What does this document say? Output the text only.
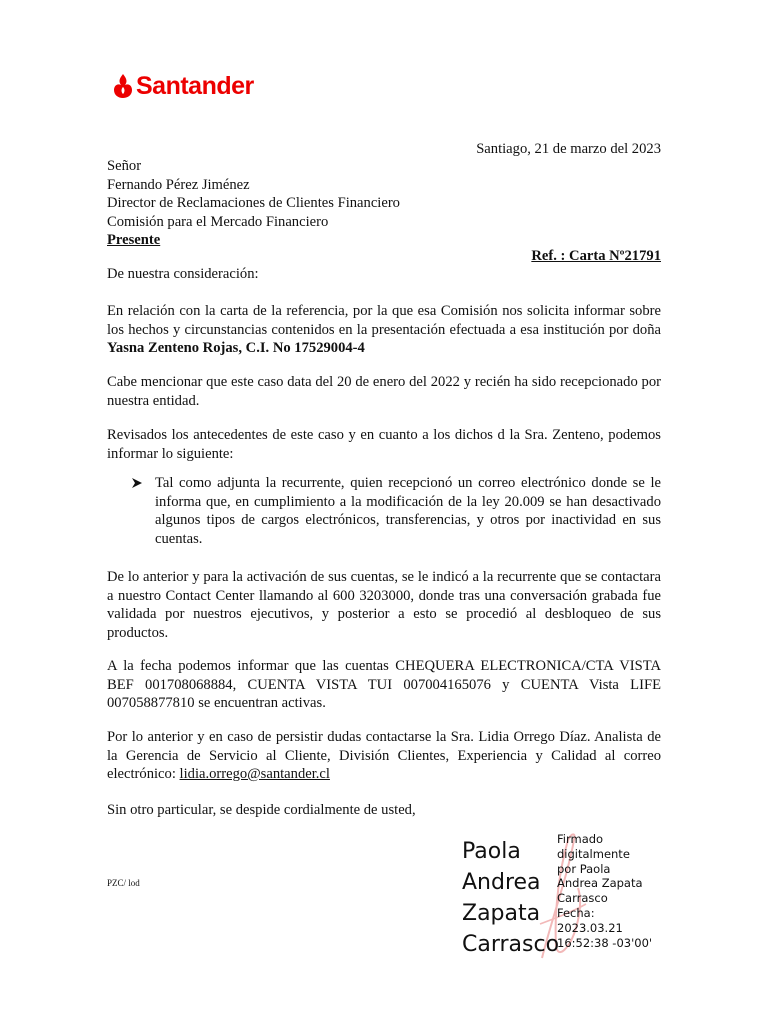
Santander
Santiago, 21 de marzo del 2023
Señor
Fernando Pérez Jiménez
Director de Reclamaciones de Clientes Financiero
Comisión para el Mercado Financiero
Presente
Ref. : Carta Nº21791
De nuestra consideración:
En relación con la carta de la referencia, por la que esa Comisión nos solicita informar sobre los hechos y circunstancias contenidos en la presentación efectuada a esa institución por doña Yasna Zenteno Rojas, C.I. No 17529004-4
Cabe mencionar que este caso data del 20 de enero del 2022 y recién ha sido recepcionado por nuestra entidad.
Revisados los antecedentes de este caso y en cuanto a los dichos d la Sra. Zenteno, podemos informar lo siguiente:
Tal como adjunta la recurrente, quien recepcionó un correo electrónico donde se le informa que, en cumplimiento a la modificación de la ley 20.009 se han desactivado algunos tipos de cargos electrónicos, transferencias, y otros por inactividad en sus cuentas.
De lo anterior y para la activación de sus cuentas, se le indicó a la recurrente que se contactara a nuestro Contact Center llamando al 600 3203000, donde tras una conversación grabada fue validada por nuestros ejecutivos, y posterior a esto se procedió al desbloqueo de sus productos.
A la fecha podemos informar que las cuentas CHEQUERA ELECTRONICA/CTA VISTA BEF 001708068884, CUENTA VISTA TUI 007004165076 y CUENTA Vista LIFE 007058877810 se encuentran activas.
Por lo anterior y en caso de persistir dudas contactarse la Sra. Lidia Orrego Díaz. Analista de la Gerencia de Servicio al Cliente, División Clientes, Experiencia y Calidad al correo electrónico: lidia.orrego@santander.cl
Sin otro particular, se despide cordialmente de usted,
PZC/ lod
Paola
Andrea
Zapata
Carrasco
Firmado
digitalmente
por Paola
Andrea Zapata
Carrasco
Fecha:
2023.03.21
16:52:38 -03'00'
